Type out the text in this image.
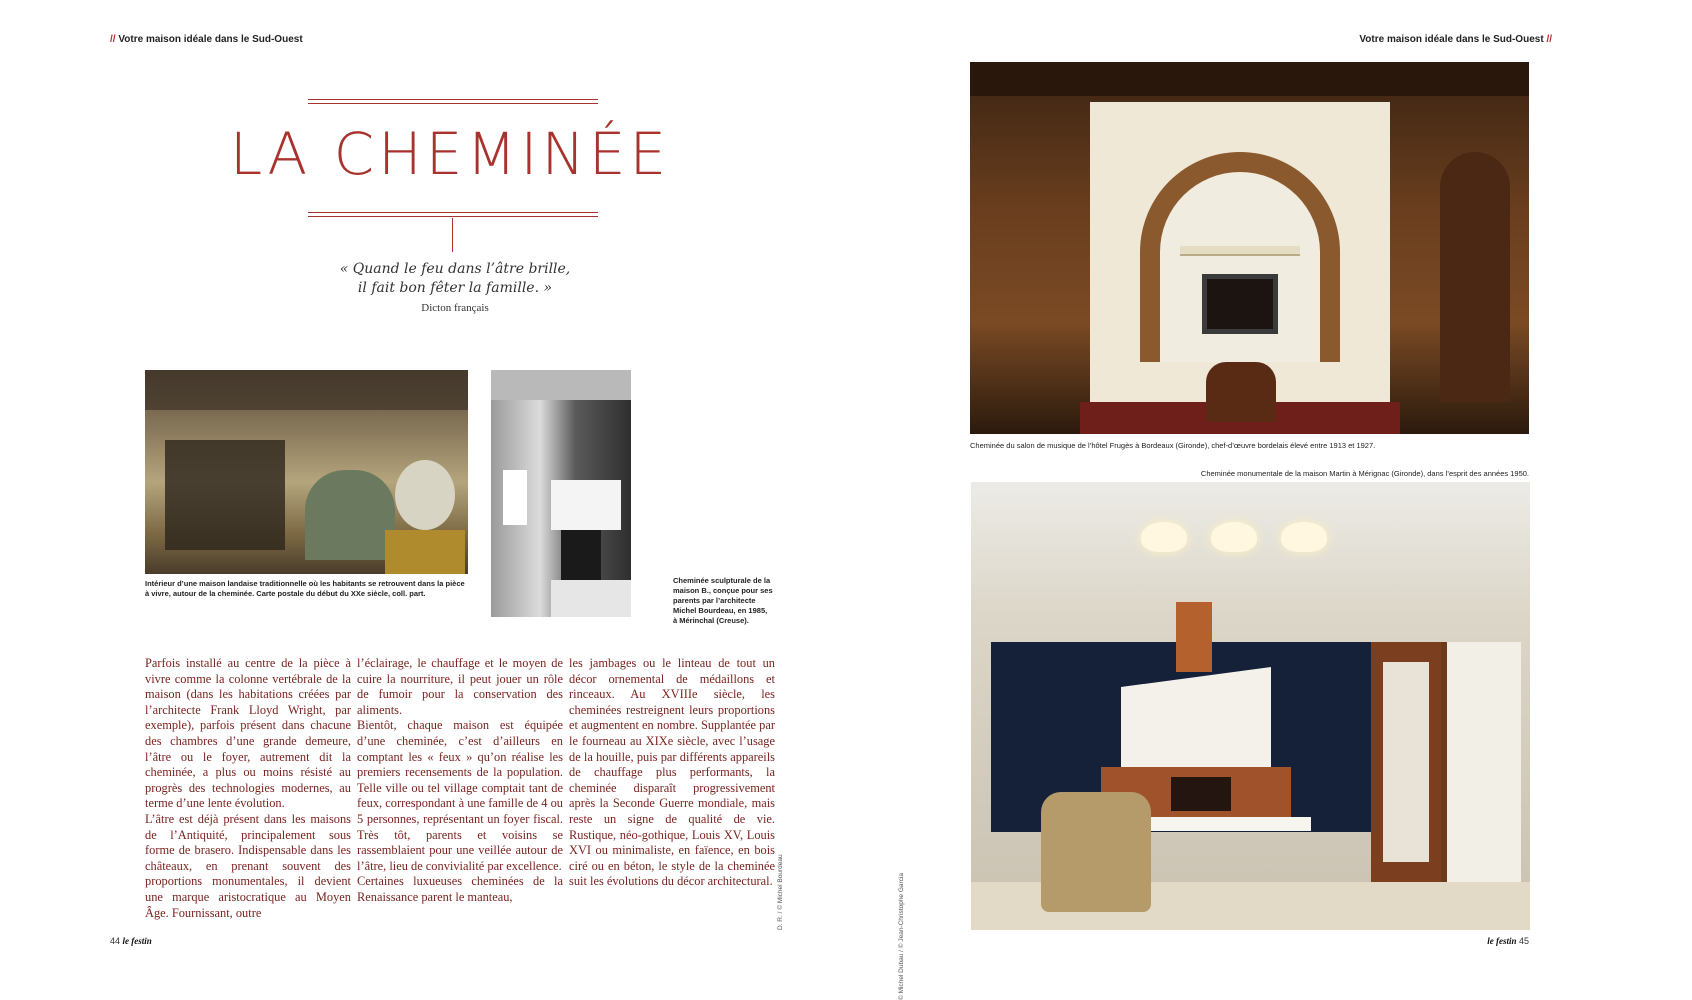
// Votre maison idéale dans le Sud-Ouest	Votre maison idéale dans le Sud-Ouest //
LA CHEMINÉE
« Quand le feu dans l’âtre brille,
il fait bon fêter la famille. »
Dicton français
Intérieur d’une maison landaise traditionnelle où les habitants se retrouvent dans la pièce à vivre, autour de la cheminée. Carte postale du début du XXe siècle, coll. part.
Cheminée sculpturale de la maison B., conçue pour ses parents par l’architecte Michel Bourdeau, en 1985, à Mérinchal (Creuse).

Parfois installé au centre de la pièce à vivre comme la colonne vertébrale de la maison (dans les habitations créées par l’architecte Frank Lloyd Wright, par exemple), parfois présent dans chacune des chambres d’une grande demeure, l’âtre ou le foyer, autrement dit la cheminée, a plus ou moins résisté au progrès des technologies modernes, au terme d’une lente évolution.

L’âtre est déjà présent dans les maisons de l’Antiquité, principalement sous forme de brasero. Indispensable dans les châteaux, en prenant souvent des proportions monumentales, il devient une marque aristocratique au Moyen Âge. Fournissant, outre

l’éclairage, le chauffage et le moyen de cuire la nourriture, il peut jouer un rôle de fumoir pour la conservation des aliments.

Bientôt, chaque maison est équipée d’une cheminée, c’est d’ailleurs en comptant les « feux » qu’on réalise les premiers recensements de la population. Telle ville ou tel village comptait tant de feux, correspondant à une famille de 4 ou 5 personnes, représentant un foyer fiscal. Très tôt, parents et voisins se rassemblaient pour une veillée autour de l’âtre, lieu de convivialité par excellence.

Certaines luxueuses cheminées de la Renaissance parent le manteau,

les jambages ou le linteau de tout un décor ornemental de médaillons et rinceaux. Au XVIIIe siècle, les cheminées restreignent leurs proportions et augmentent en nombre. Supplantée par le fourneau au XIXe siècle, avec l’usage de la houille, puis par différents appareils de chauffage plus performants, la cheminée disparaît progressivement après la Seconde Guerre mondiale, mais reste un signe de qualité de vie. Rustique, néo-gothique, Louis XV, Louis XVI ou minimaliste, en faïence, en bois ciré ou en béton, le style de la cheminée suit les évolutions du décor architectural. D. R. / © Michel Bourdeau	© Michel Dubau / © Jean-Christophe Garcia
44 le festin	le festin 45
Cheminée du salon de musique de l’hôtel Frugès à Bordeaux (Gironde), chef-d’œuvre bordelais élevé entre 1913 et 1927.
Cheminée monumentale de la maison Martin à Mérignac (Gironde), dans l’esprit des années 1950.
